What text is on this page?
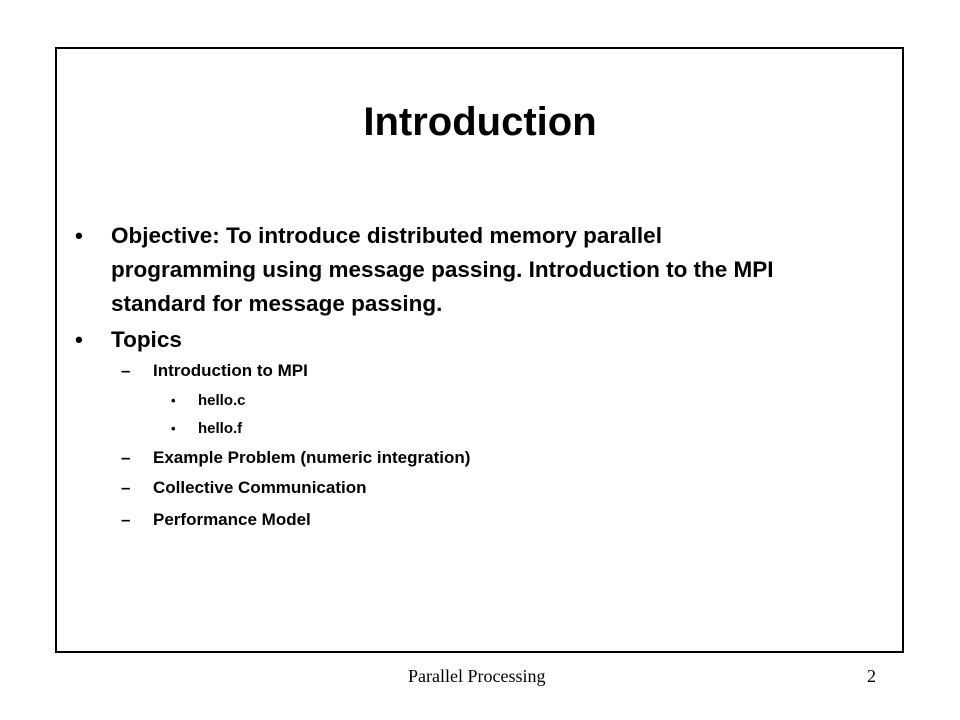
Introduction
• Objective: To introduce distributed memory parallel
programming using message passing. Introduction to the MPI
standard for message passing.
• Topics
– Introduction to MPI
• hello.c
• hello.f
– Example Problem (numeric integration)
– Collective Communication
– Performance Model
Parallel Processing	2
